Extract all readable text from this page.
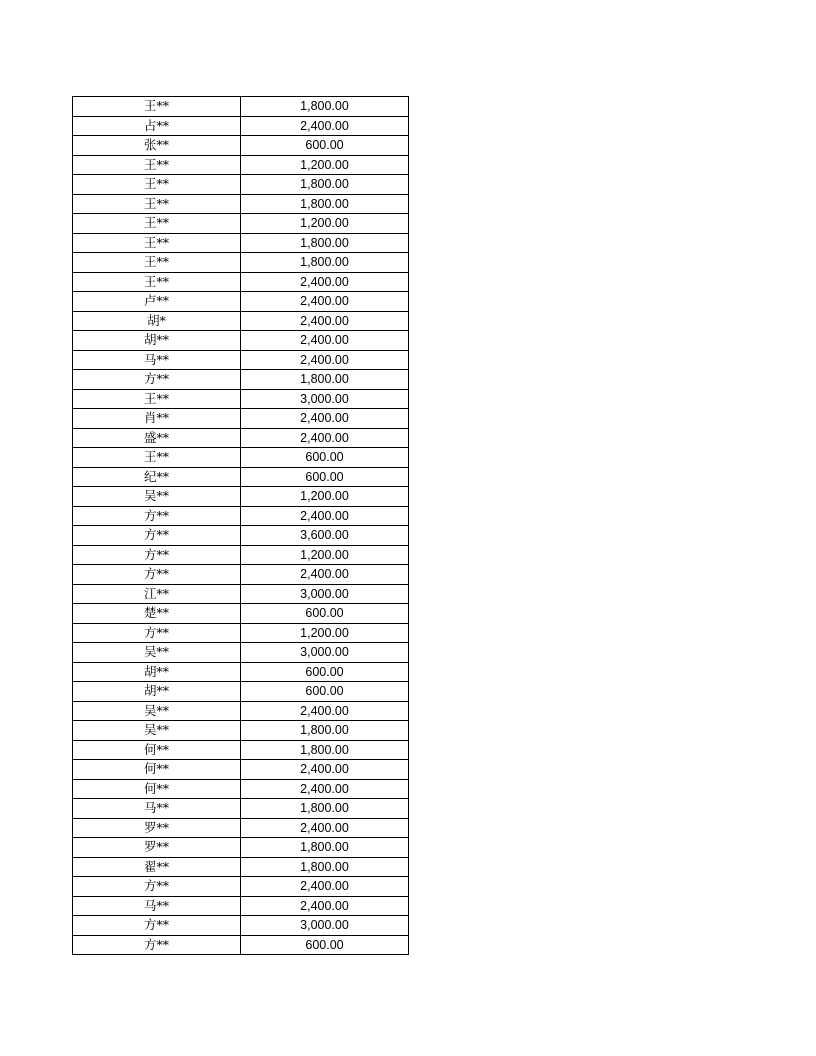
王**	1,800.00
占**	2,400.00
张**	600.00
王**	1,200.00
王**	1,800.00
王**	1,800.00
王**	1,200.00
王**	1,800.00
王**	1,800.00
王**	2,400.00
卢**	2,400.00
胡*	2,400.00
胡**	2,400.00
马**	2,400.00
方**	1,800.00
王**	3,000.00
肖**	2,400.00
盛**	2,400.00
王**	600.00
纪**	600.00
吴**	1,200.00
方**	2,400.00
方**	3,600.00
方**	1,200.00
方**	2,400.00
江**	3,000.00
楚**	600.00
方**	1,200.00
吴**	3,000.00
胡**	600.00
胡**	600.00
吴**	2,400.00
吴**	1,800.00
何**	1,800.00
何**	2,400.00
何**	2,400.00
马**	1,800.00
罗**	2,400.00
罗**	1,800.00
翟**	1,800.00
方**	2,400.00
马**	2,400.00
方**	3,000.00
方**	600.00
